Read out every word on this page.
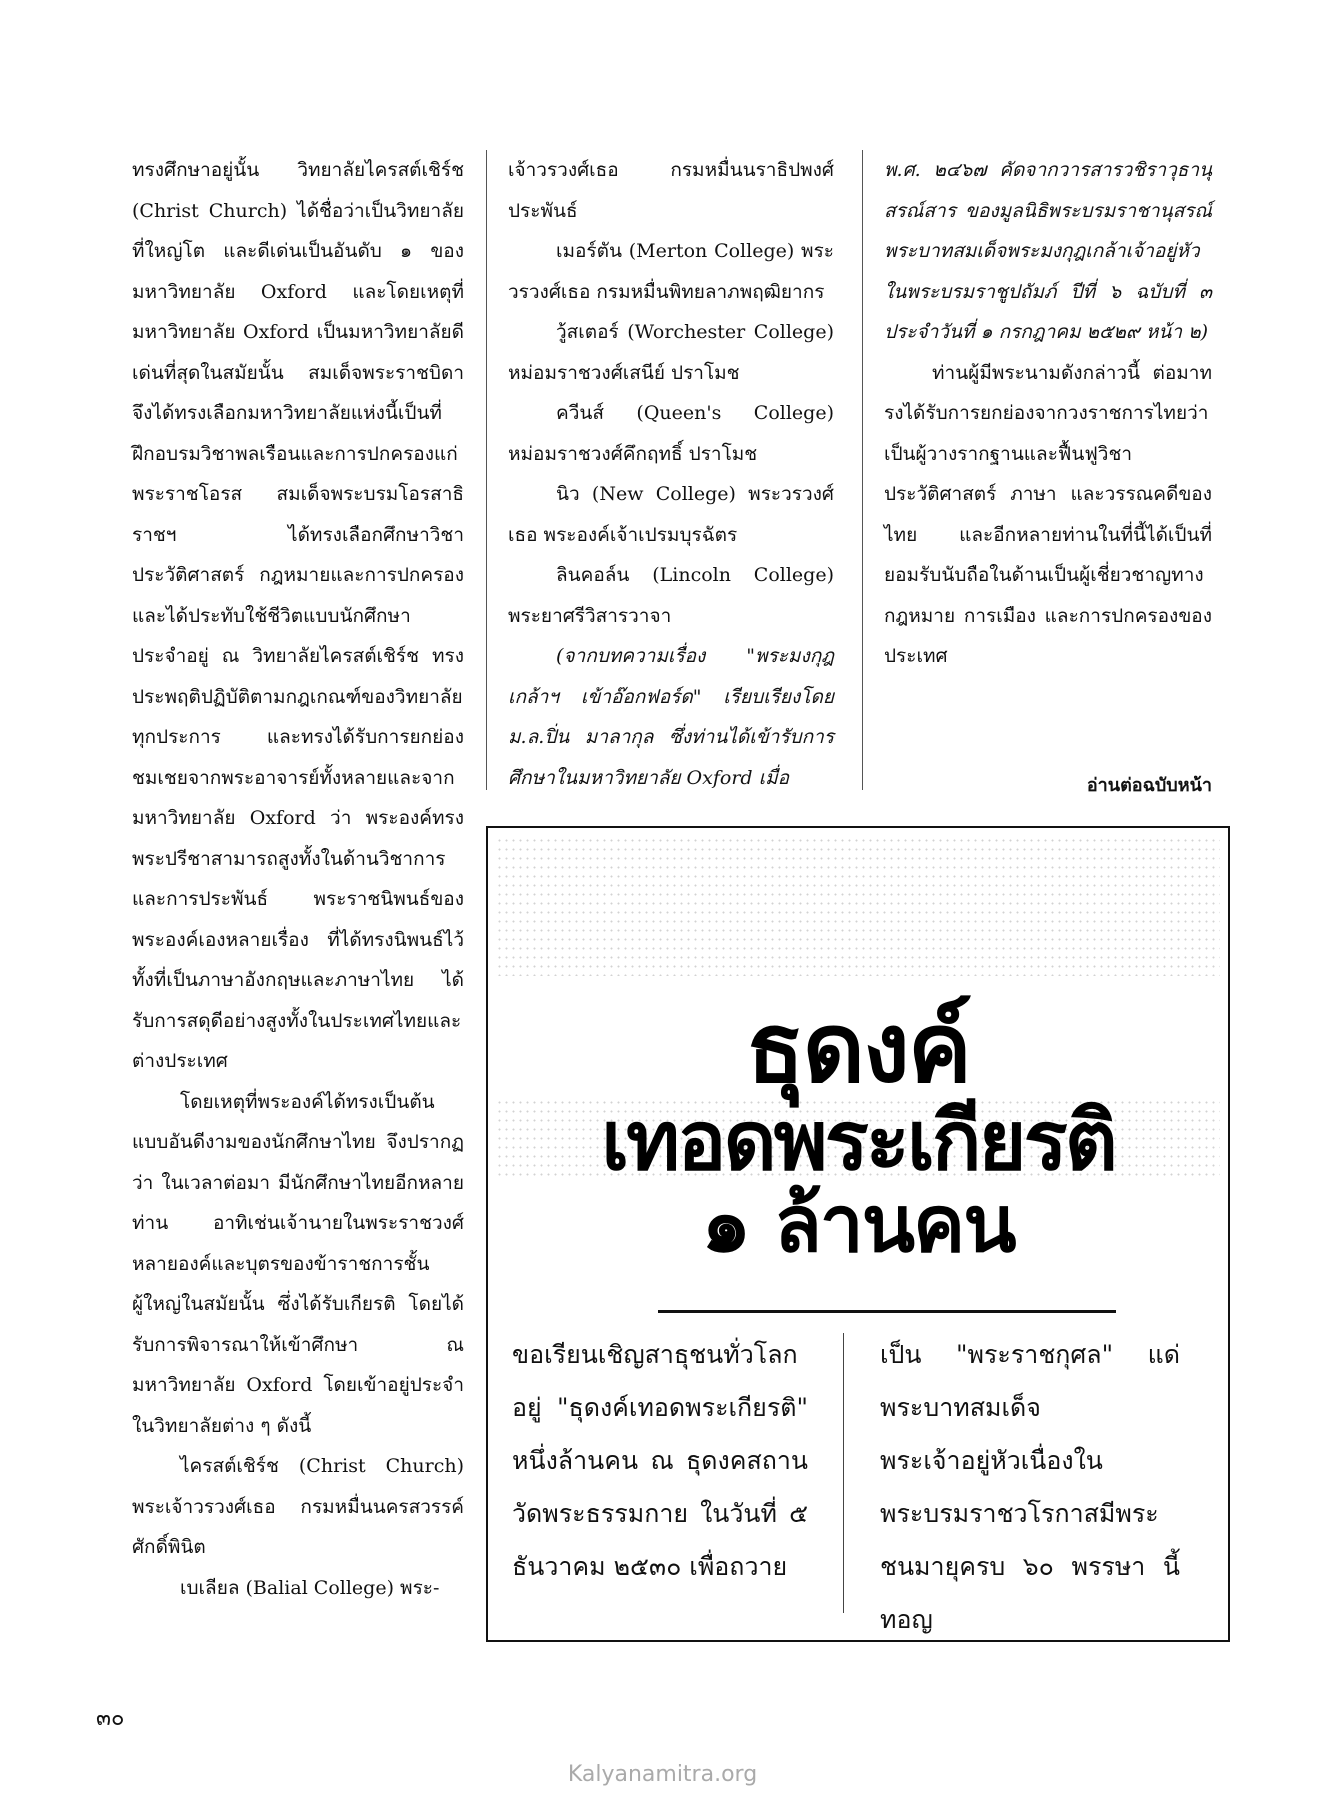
ทรงศึกษาอยู่นั้น วิทยาลัยไครสต์เชิร์ช (Christ Church) ได้ชื่อว่าเป็นวิทยาลัยที่ใหญ่โต และดีเด่นเป็นอันดับ ๑ ของมหาวิทยาลัย Oxford และโดยเหตุที่มหาวิทยาลัย Oxford เป็นมหาวิทยาลัยดีเด่นที่สุดในสมัยนั้น สมเด็จพระราชบิดาจึงได้ทรงเลือกมหาวิทยาลัยแห่งนี้เป็นที่ฝึกอบรมวิชาพลเรือนและการปกครองแก่พระราชโอรส สมเด็จพระบรมโอรสาธิราชฯ ได้ทรงเลือกศึกษาวิชาประวัติศาสตร์ กฎหมายและการปกครอง และได้ประทับใช้ชีวิตแบบนักศึกษาประจำอยู่ ณ วิทยาลัยไครสต์เชิร์ช ทรงประพฤติปฏิบัติตามกฎเกณฑ์ของวิทยาลัยทุกประการ และทรงได้รับการยกย่องชมเชยจากพระอาจารย์ทั้งหลายและจากมหาวิทยาลัย Oxford ว่า พระองค์ทรงพระปรีชาสามารถสูงทั้งในด้านวิชาการและการประพันธ์ พระราชนิพนธ์ของพระองค์เองหลายเรื่อง ที่ได้ทรงนิพนธ์ไว้ทั้งที่เป็นภาษาอังกฤษและภาษาไทย ได้รับการสดุดีอย่างสูงทั้งในประเทศไทยและต่างประเทศ

โดยเหตุที่พระองค์ได้ทรงเป็นต้นแบบอันดีงามของนักศึกษาไทย จึงปรากฏว่า ในเวลาต่อมา มีนักศึกษาไทยอีกหลายท่าน อาทิเช่นเจ้านายในพระราชวงศ์หลายองค์และบุตรของข้าราชการชั้นผู้ใหญ่ในสมัยนั้น ซึ่งได้รับเกียรติ โดยได้รับการพิจารณาให้เข้าศึกษา ณ มหาวิทยาลัย Oxford โดยเข้าอยู่ประจำในวิทยาลัยต่าง ๆ ดังนี้

ไครสต์เชิร์ช (Christ Church) พระเจ้าวรวงศ์เธอ กรมหมื่นนครสวรรค์ศักดิ์พินิต

เบเลียล (Balial College) พระ-

เจ้าวรวงศ์เธอ กรมหมื่นนราธิปพงศ์ประพันธ์

เมอร์ตัน (Merton College) พระวรวงศ์เธอ กรมหมื่นพิทยลาภพฤฒิยากร

วู้สเตอร์ (Worchester College) หม่อมราชวงศ์เสนีย์ ปราโมช

ควีนส์ (Queen's College) หม่อมราชวงศ์คึกฤทธิ์ ปราโมช

นิว (New College) พระวรวงศ์เธอ พระองค์เจ้าเปรมบุรฉัตร

ลินคอล์น (Lincoln College) พระยาศรีวิสารวาจา

(จากบทความเรื่อง "พระมงกุฎเกล้าฯ เข้าอ๊อกฟอร์ด" เรียบเรียงโดย ม.ล.ปิ่น มาลากุล ซึ่งท่านได้เข้ารับการศึกษาในมหาวิทยาลัย Oxford เมื่อ

พ.ศ. ๒๔๖๗ คัดจากวารสารวชิราวุธานุสรณ์สาร ของมูลนิธิพระบรมราชานุสรณ์ พระบาทสมเด็จพระมงกุฎเกล้าเจ้าอยู่หัว ในพระบรมราชูปถัมภ์ ปีที่ ๖ ฉบับที่ ๓ ประจำวันที่ ๑ กรกฎาคม ๒๕๒๙ หน้า ๒)

ท่านผู้มีพระนามดังกล่าวนี้ ต่อมาทรงได้รับการยกย่องจากวงราชการไทยว่า เป็นผู้วางรากฐานและฟื้นฟูวิชาประวัติศาสตร์ ภาษา และวรรณคดีของไทย และอีกหลายท่านในที่นี้ได้เป็นที่ยอมรับนับถือในด้านเป็นผู้เชี่ยวชาญทางกฎหมาย การเมือง และการปกครองของประเทศ

อ่านต่อฉบับหน้า
ธุดงค์
เทอดพระเกียรติ
๑ ล้านคน
ขอเรียนเชิญสาธุชนทั่วโลกอยู่ "ธุดงค์เทอดพระเกียรติ" หนึ่งล้านคน ณ ธุดงคสถาน วัดพระธรรมกาย ในวันที่ ๕ ธันวาคม ๒๕๓๐ เพื่อถวาย
เป็น "พระราชกุศล" แด่พระบาทสมเด็จพระเจ้าอยู่หัวเนื่องในพระบรมราชวโรกาสมีพระชนมายุครบ ๖๐ พรรษา นี้ทอญ
๓๐
Kalyanamitra.org
